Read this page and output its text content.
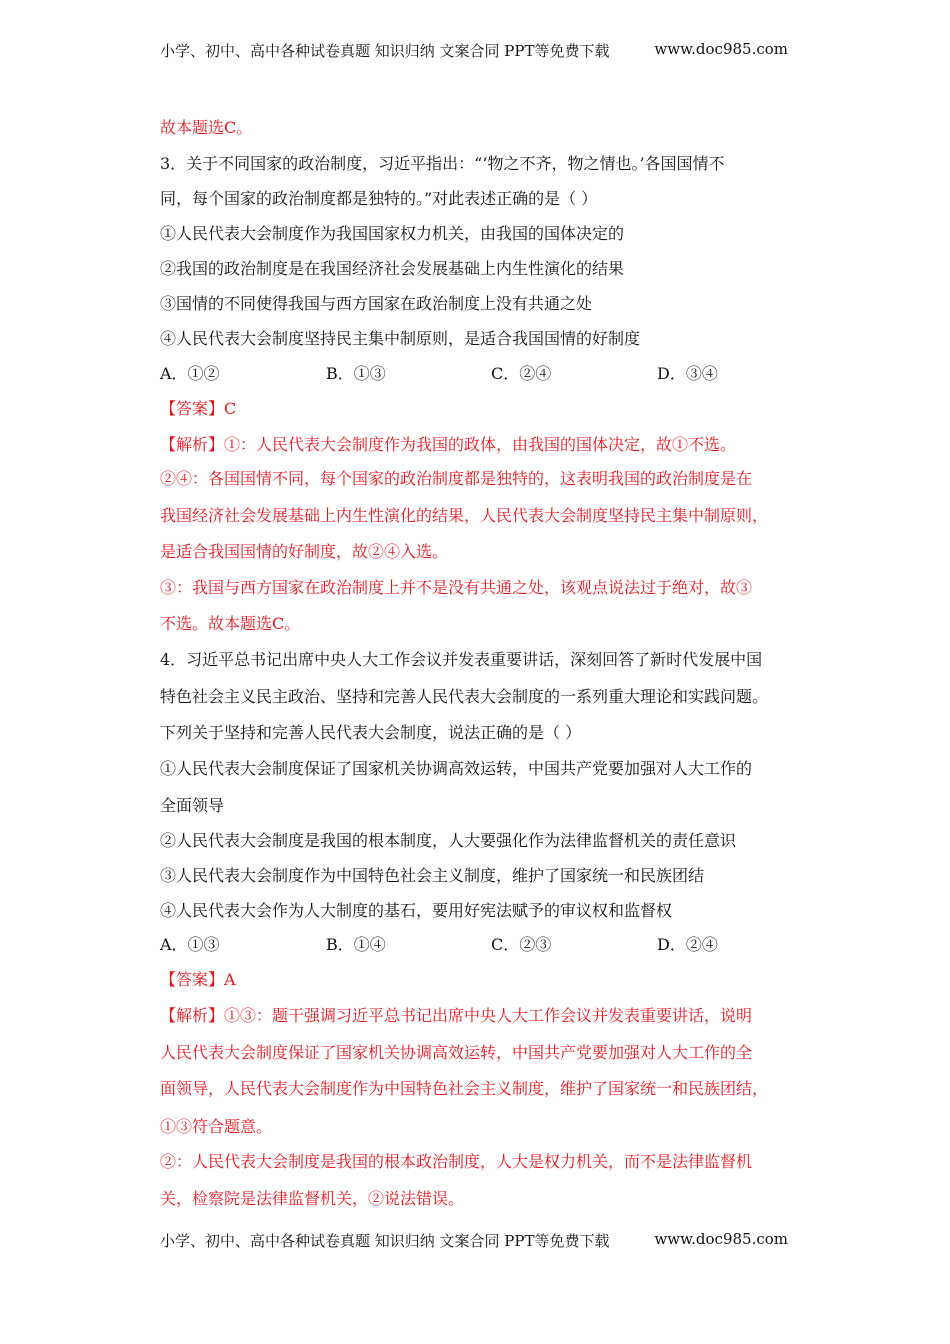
小学、初中、高中各种试卷真题 知识归纳 文案合同 PPT等免费下载	www.doc985.com
故本题选C。
3．关于不同国家的政治制度，习近平指出：“‘物之不齐，物之情也。’各国国情不
同，每个国家的政治制度都是独特的。”对此表述正确的是（ ）
①人民代表大会制度作为我国国家权力机关，由我国的国体决定的
②我国的政治制度是在我国经济社会发展基础上内生性演化的结果
③国情的不同使得我国与西方国家在政治制度上没有共通之处
④人民代表大会制度坚持民主集中制原则，是适合我国国情的好制度
A．①②	B．①③	C．②④	D．③④
【答案】C
【解析】①：人民代表大会制度作为我国的政体，由我国的国体决定，故①不选。
②④：各国国情不同，每个国家的政治制度都是独特的，这表明我国的政治制度是在
我国经济社会发展基础上内生性演化的结果，人民代表大会制度坚持民主集中制原则，
是适合我国国情的好制度，故②④入选。
③：我国与西方国家在政治制度上并不是没有共通之处，该观点说法过于绝对，故③
不选。故本题选C。
4．习近平总书记出席中央人大工作会议并发表重要讲话，深刻回答了新时代发展中国
特色社会主义民主政治、坚持和完善人民代表大会制度的一系列重大理论和实践问题。
下列关于坚持和完善人民代表大会制度，说法正确的是（ ）
①人民代表大会制度保证了国家机关协调高效运转，中国共产党要加强对人大工作的
全面领导
②人民代表大会制度是我国的根本制度，人大要强化作为法律监督机关的责任意识
③人民代表大会制度作为中国特色社会主义制度，维护了国家统一和民族团结
④人民代表大会作为人大制度的基石，要用好宪法赋予的审议权和监督权
A．①③	B．①④	C．②③	D．②④
【答案】A
【解析】①③：题干强调习近平总书记出席中央人大工作会议并发表重要讲话，说明
人民代表大会制度保证了国家机关协调高效运转，中国共产党要加强对人大工作的全
面领导，人民代表大会制度作为中国特色社会主义制度，维护了国家统一和民族团结，
①③符合题意。
②：人民代表大会制度是我国的根本政治制度，人大是权力机关，而不是法律监督机
关，检察院是法律监督机关，②说法错误。
小学、初中、高中各种试卷真题 知识归纳 文案合同 PPT等免费下载	www.doc985.com
